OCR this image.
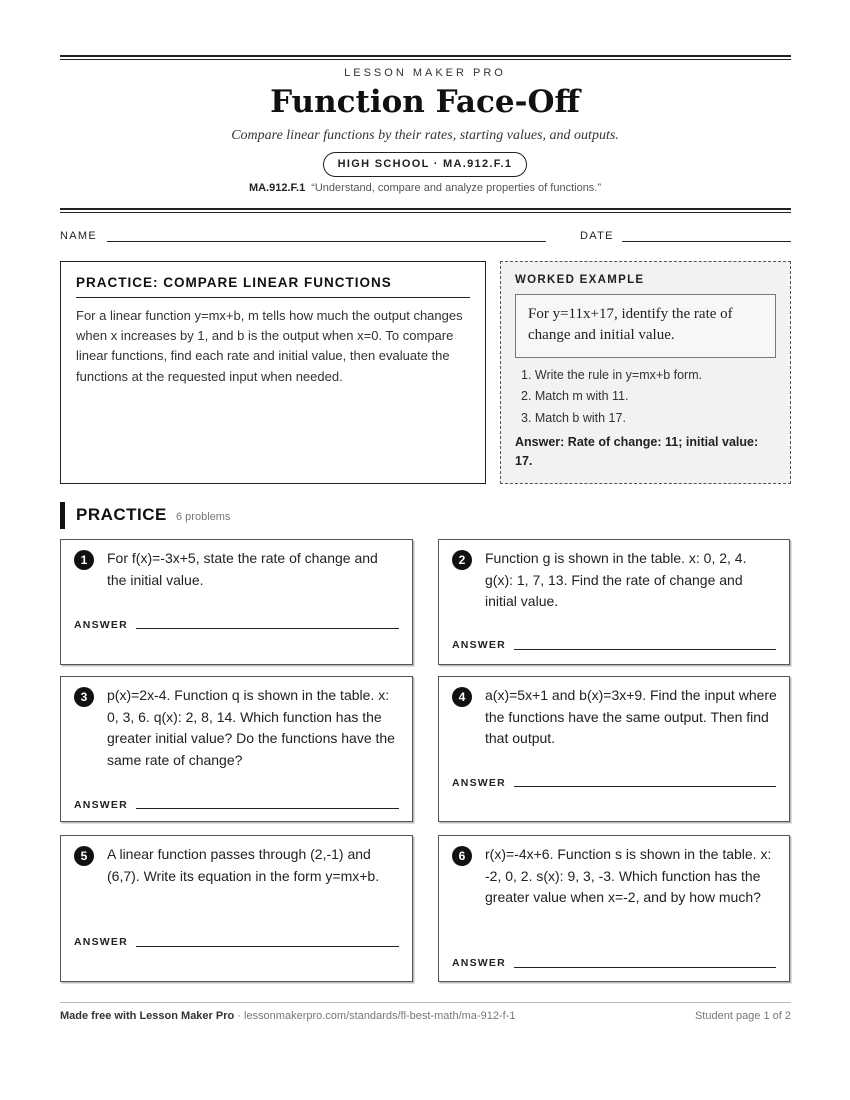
LESSON MAKER PRO
Function Face-Off
Compare linear functions by their rates, starting values, and outputs.
HIGH SCHOOL · MA.912.F.1
MA.912.F.1 “Understand, compare and analyze properties of functions.”
NAME	DATE
PRACTICE: COMPARE LINEAR FUNCTIONS
For a linear function y=mx+b, m tells how much the output changes when x increases by 1, and b is the output when x=0. To compare linear functions, find each rate and initial value, then evaluate the functions at the requested input when needed.
WORKED EXAMPLE
For y=11x+17, identify the rate of change and initial value.
1. Write the rule in y=mx+b form.
2. Match m with 11.
3. Match b with 17.
Answer: Rate of change: 11; initial value: 17.
PRACTICE 6 problems
1	For f(x)=-3x+5, state the rate of change and the initial value.
ANSWER
2	Function g is shown in the table. x: 0, 2, 4. g(x): 1, 7, 13. Find the rate of change and initial value.
ANSWER
3	p(x)=2x-4. Function q is shown in the table. x: 0, 3, 6. q(x): 2, 8, 14. Which function has the greater initial value? Do the functions have the same rate of change?
ANSWER
4	a(x)=5x+1 and b(x)=3x+9. Find the input where the functions have the same output. Then find that output.
ANSWER
5	A linear function passes through (2,-1) and (6,7). Write its equation in the form y=mx+b.
ANSWER
6	r(x)=-4x+6. Function s is shown in the table. x: -2, 0, 2. s(x): 9, 3, -3. Which function has the greater value when x=-2, and by how much?
ANSWER
Made free with Lesson Maker Pro · lessonmakerpro.com/standards/fl-best-math/ma-912-f-1	Student page 1 of 2
